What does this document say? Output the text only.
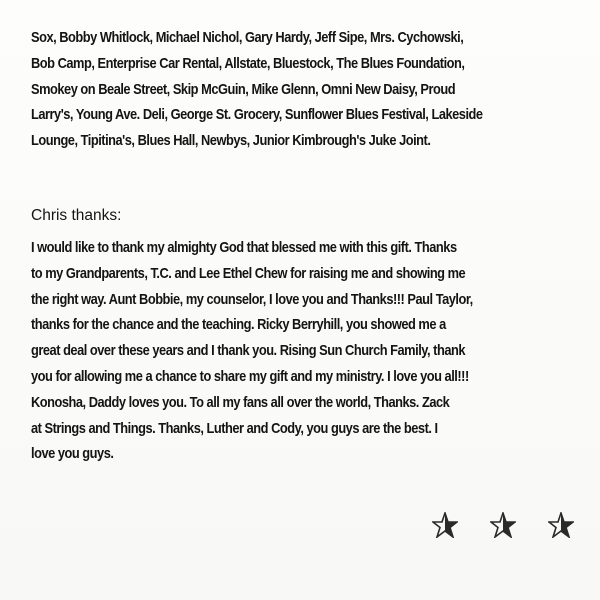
Sox, Bobby Whitlock, Michael Nichol, Gary Hardy, Jeff Sipe, Mrs. Cychowski,
Bob Camp, Enterprise Car Rental, Allstate, Bluestock, The Blues Foundation,
Smokey on Beale Street, Skip McGuin, Mike Glenn, Omni New Daisy, Proud
Larry's, Young Ave. Deli, George St. Grocery, Sunflower Blues Festival, Lakeside
Lounge, Tipitina's, Blues Hall, Newbys, Junior Kimbrough's Juke Joint.
Chris thanks:
I would like to thank my almighty God that blessed me with this gift. Thanks
to my Grandparents, T.C. and Lee Ethel Chew for raising me and showing me
the right way. Aunt Bobbie, my counselor, I love you and Thanks!!! Paul Taylor,
thanks for the chance and the teaching. Ricky Berryhill, you showed me a
great deal over these years and I thank you. Rising Sun Church Family, thank
you for allowing me a chance to share my gift and my ministry. I love you all!!!
Konosha, Daddy loves you. To all my fans all over the world, Thanks. Zack
at Strings and Things. Thanks, Luther and Cody, you guys are the best. I
love you guys.
